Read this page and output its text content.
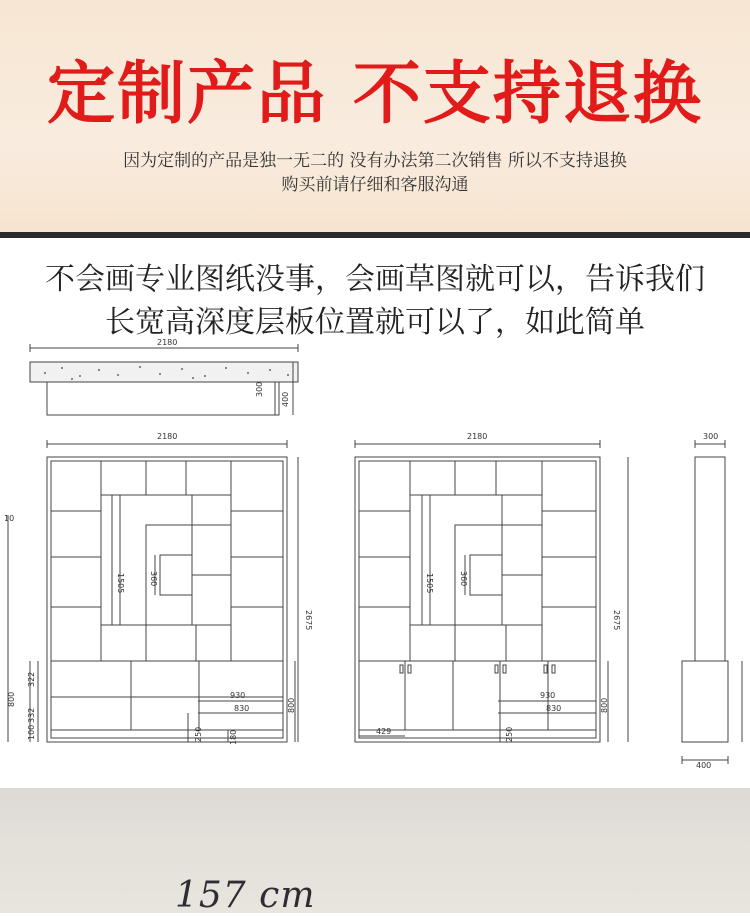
定制产品 不支持退换
因为定制的产品是独一无二的 没有办法第二次销售 所以不支持退换
购买前请仔细和客服沟通
不会画专业图纸没事，会画草图就可以，告诉我们
长宽高深度层板位置就可以了，如此简单
2180
300
400
2180
2675
1505	360
800
322
332
100
800
930
830
250	180
10
2180
2675
1505	360
800
930
830
250
429
300
400
157 cm
